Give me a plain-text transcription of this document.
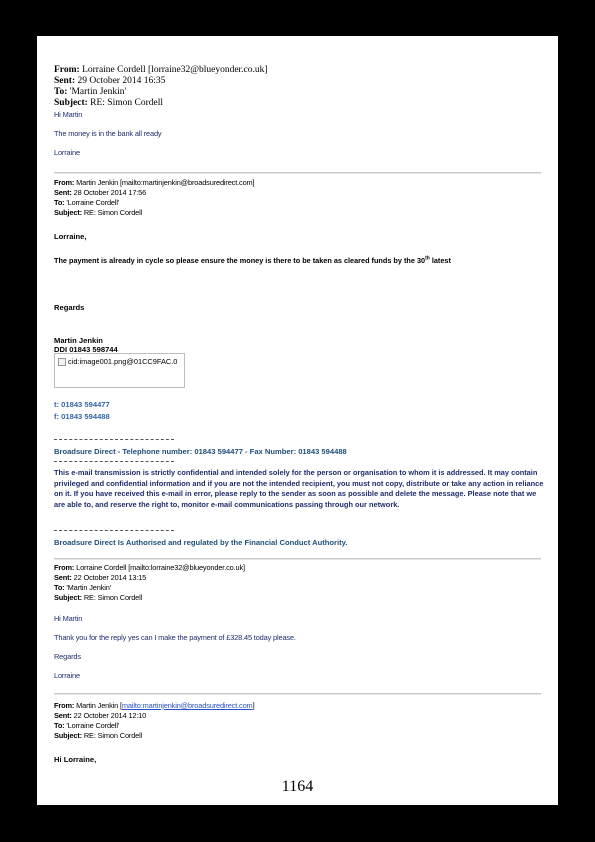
From: Lorraine Cordell [lorraine32@blueyonder.co.uk]
Sent: 29 October 2014 16:35
To: 'Martin Jenkin'
Subject: RE: Simon Cordell
Hi Martin
The money is in the bank all ready
Lorraine
From: Martin Jenkin [mailto:martinjenkin@broadsuredirect.com]
Sent: 28 October 2014 17:56
To: 'Lorraine Cordell'
Subject: RE: Simon Cordell
Lorraine,
The payment is already in cycle so please ensure the money is there to be taken as cleared funds by the 30th latest
Regards
Martin Jenkin
DDI 01843 598744
cid:image001.png@01CC9FAC.0
t: 01843 594477
f: 01843 594488
Broadsure Direct - Telephone number: 01843 594477 - Fax Number: 01843 594488
This e-mail transmission is strictly confidential and intended solely for the person or organisation to whom it is addressed. It may contain privileged and confidential information and if you are not the intended recipient, you must not copy, distribute or take any action in reliance on it. If you have received this e-mail in error, please reply to the sender as soon as possible and delete the message. Please note that we are able to, and reserve the right to, monitor e-mail communications passing through our network.
Broadsure Direct Is Authorised and regulated by the Financial Conduct Authority.
From: Lorraine Cordell [mailto:lorraine32@blueyonder.co.uk]
Sent: 22 October 2014 13:15
To: 'Martin Jenkin'
Subject: RE: Simon Cordell
Hi Martin
Thank you for the reply yes can I make the payment of £328.45 today please.
Regards
Lorraine
From: Martin Jenkin [mailto:martinjenkin@broadsuredirect.com]
Sent: 22 October 2014 12:10
To: 'Lorraine Cordell'
Subject: RE: Simon Cordell
Hi Lorraine,
1164
